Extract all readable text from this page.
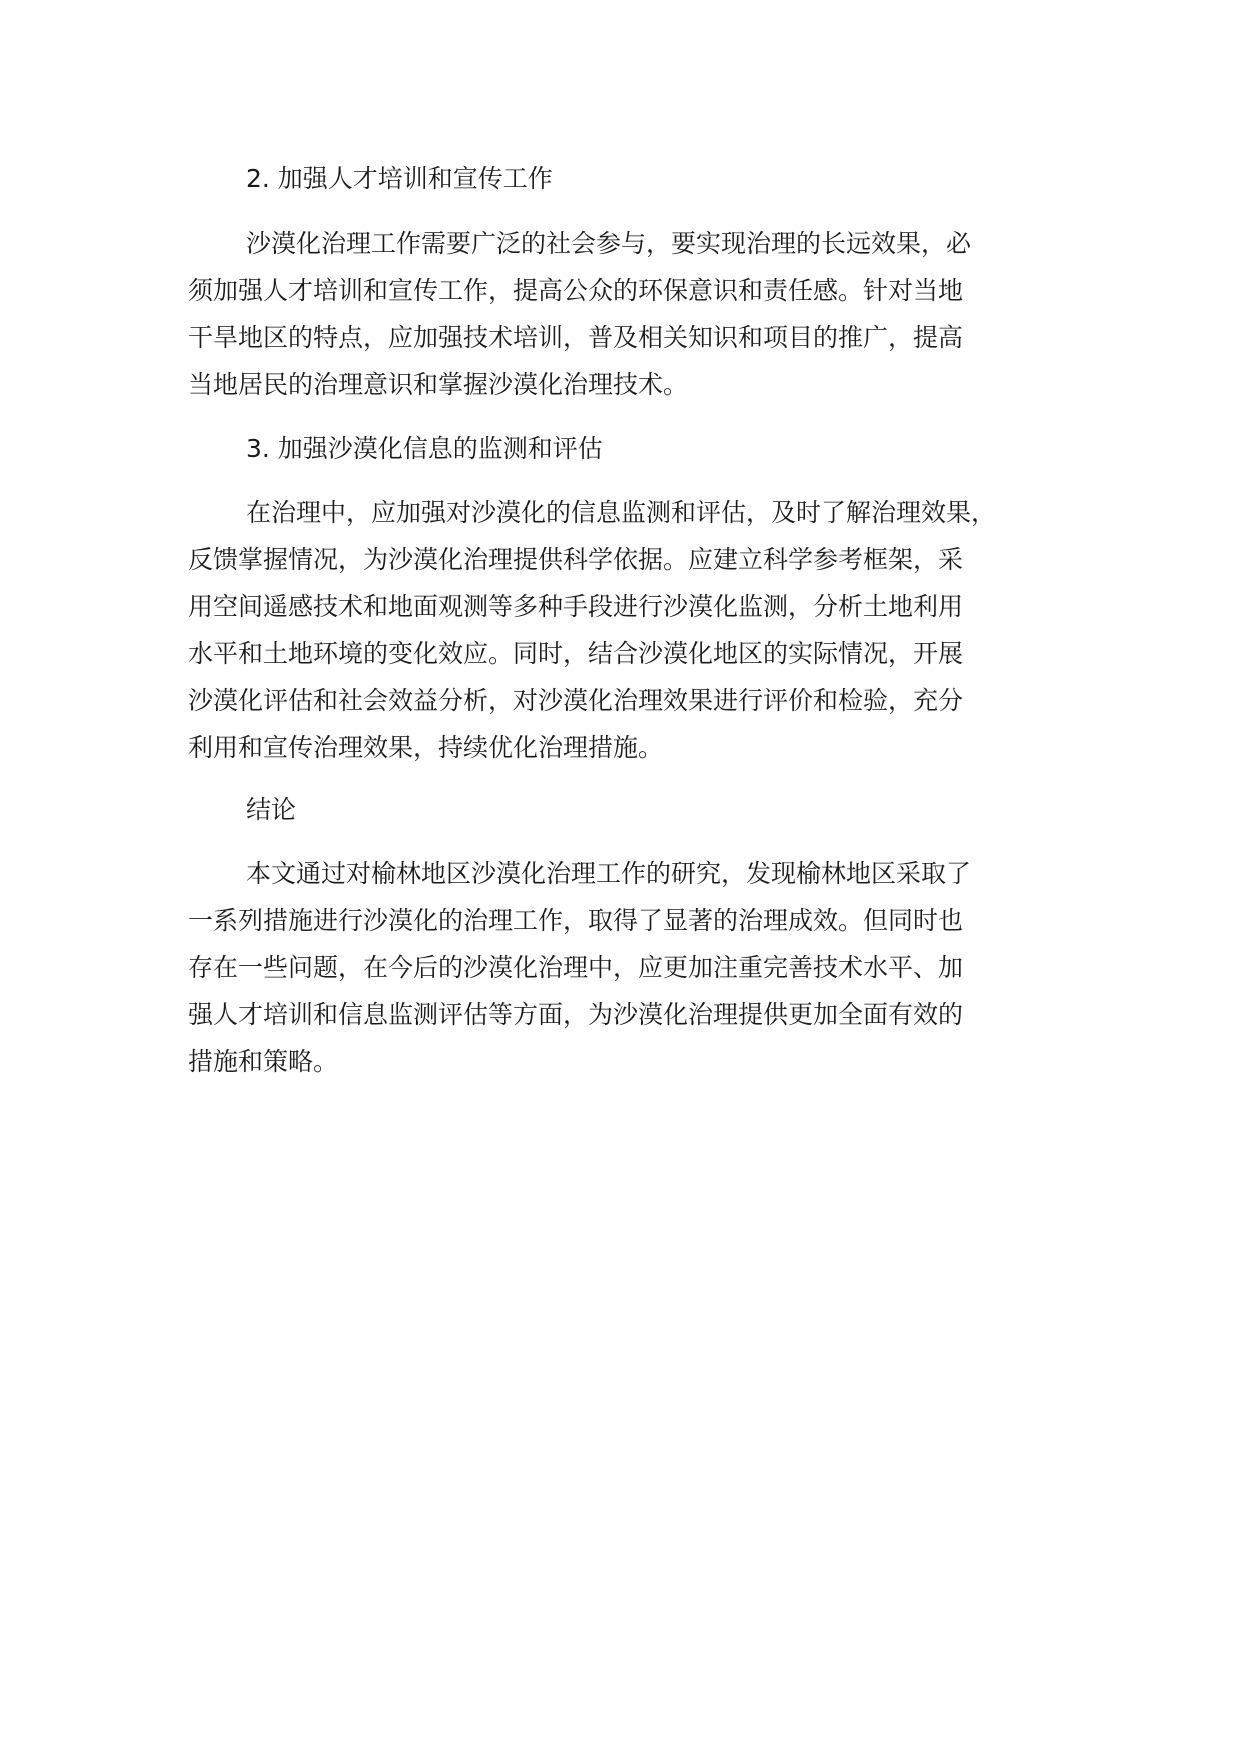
2. 加强人才培训和宣传工作
沙漠化治理工作需要广泛的社会参与，要实现治理的长远效果，必
须加强人才培训和宣传工作，提高公众的环保意识和责任感。针对当地
干旱地区的特点，应加强技术培训，普及相关知识和项目的推广，提高
当地居民的治理意识和掌握沙漠化治理技术。
3. 加强沙漠化信息的监测和评估
在治理中，应加强对沙漠化的信息监测和评估，及时了解治理效果，
反馈掌握情况，为沙漠化治理提供科学依据。应建立科学参考框架，采
用空间遥感技术和地面观测等多种手段进行沙漠化监测，分析土地利用
水平和土地环境的变化效应。同时，结合沙漠化地区的实际情况，开展
沙漠化评估和社会效益分析，对沙漠化治理效果进行评价和检验，充分
利用和宣传治理效果，持续优化治理措施。
结论
本文通过对榆林地区沙漠化治理工作的研究，发现榆林地区采取了
一系列措施进行沙漠化的治理工作，取得了显著的治理成效。但同时也
存在一些问题，在今后的沙漠化治理中，应更加注重完善技术水平、加
强人才培训和信息监测评估等方面，为沙漠化治理提供更加全面有效的
措施和策略。
